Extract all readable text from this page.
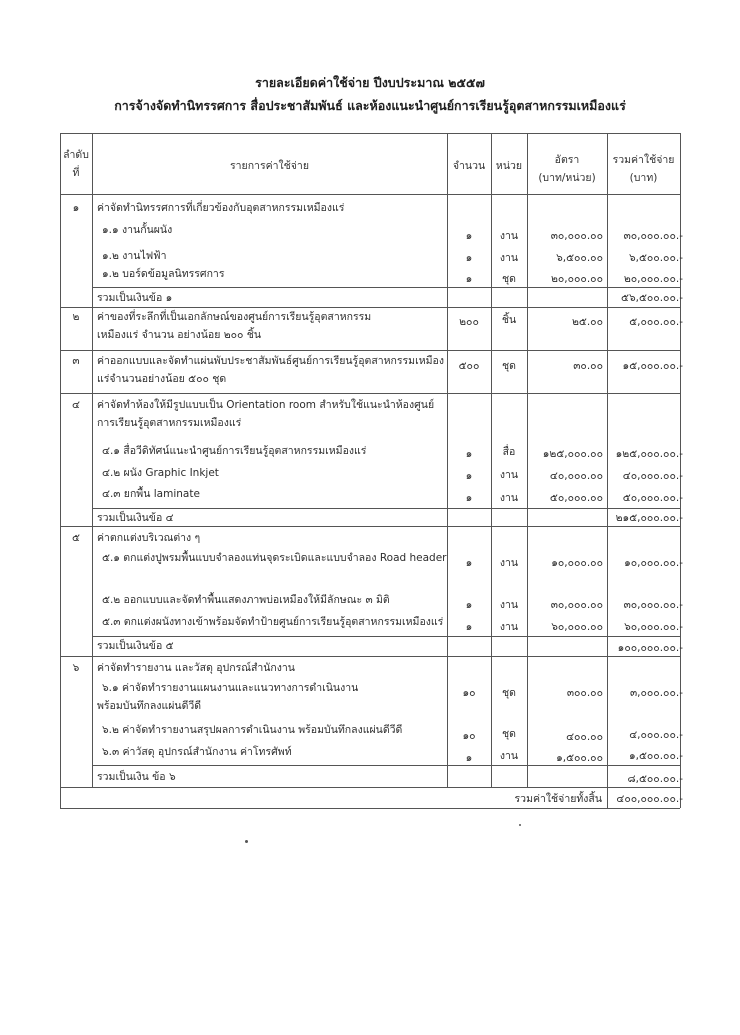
รายละเอียดค่าใช้จ่าย ปีงบประมาณ ๒๕๕๗
การจ้างจัดทำนิทรรศการ สื่อประชาสัมพันธ์ และห้องแนะนำศูนย์การเรียนรู้อุตสาหกรรมเหมืองแร่
ลำดับ
ที่
รายการค่าใช้จ่าย	จำนวน	หน่วย	อัตรา
(บาท/หน่วย)
รวมค่าใช้จ่าย
(บาท)
๑	ค่าจัดทำนิทรรศการที่เกี่ยวข้องกับอุตสาหกรรมเหมืองแร่
๑.๑ งานกั้นผนัง	๑	งาน	๓๐,๐๐๐.๐๐	๓๐,๐๐๐.๐๐.-
๑.๒ งานไฟฟ้า	๑	งาน	๖,๕๐๐.๐๐	๖,๕๐๐.๐๐.-
๑.๒ บอร์ดข้อมูลนิทรรศการ	๑	ชุด	๒๐,๐๐๐.๐๐	๒๐,๐๐๐.๐๐.-
รวมเป็นเงินข้อ ๑	๕๖,๕๐๐.๐๐.-
๒	ค่าของที่ระลึกที่เป็นเอกลักษณ์ของศูนย์การเรียนรู้อุตสาหกรรม
เหมืองแร่ จำนวน อย่างน้อย ๒๐๐ ชิ้น
๒๐๐	ชิ้น	๒๕.๐๐	๕,๐๐๐.๐๐.-
๓	ค่าออกแบบและจัดทำแผ่นพับประชาสัมพันธ์ศูนย์การเรียนรู้อุตสาหกรรมเหมือง
แร่จำนวนอย่างน้อย ๕๐๐ ชุด
๕๐๐	ชุด	๓๐.๐๐	๑๕,๐๐๐.๐๐.-
๔	ค่าจัดทำห้องให้มีรูปแบบเป็น Orientation room สำหรับใช้แนะนำห้องศูนย์
การเรียนรู้อุตสาหกรรมเหมืองแร่
๔.๑ สื่อวีดิทัศน์แนะนำศูนย์การเรียนรู้อุตสาหกรรมเหมืองแร่	๑	สื่อ	๑๒๕,๐๐๐.๐๐	๑๒๕,๐๐๐.๐๐.-
๔.๒ ผนัง Graphic Inkjet	๑	งาน	๔๐,๐๐๐.๐๐	๔๐,๐๐๐.๐๐.-
๔.๓ ยกพื้น laminate	๑	งาน	๕๐,๐๐๐.๐๐	๕๐,๐๐๐.๐๐.-
รวมเป็นเงินข้อ ๔	๒๑๕,๐๐๐.๐๐.-
๕	ค่าตกแต่งบริเวณต่าง ๆ
๕.๑ ตกแต่งปูพรมพื้นแบบจำลองแท่นจุดระเบิดและแบบจำลอง Road header	๑	งาน	๑๐,๐๐๐.๐๐	๑๐,๐๐๐.๐๐.-
๕.๒ ออกแบบและจัดทำพื้นแสดงภาพบ่อเหมืองให้มีลักษณะ ๓ มิติ	๑	งาน	๓๐,๐๐๐.๐๐	๓๐,๐๐๐.๐๐.-
๕.๓ ตกแต่งผนังทางเข้าพร้อมจัดทำป้ายศูนย์การเรียนรู้อุตสาหกรรมเหมืองแร่	๑	งาน	๖๐,๐๐๐.๐๐	๖๐,๐๐๐.๐๐.-
รวมเป็นเงินข้อ ๕	๑๐๐,๐๐๐.๐๐.-
๖	ค่าจัดทำรายงาน และวัสดุ อุปกรณ์สำนักงาน
๖.๑ ค่าจัดทำรายงานแผนงานและแนวทางการดำเนินงาน
พร้อมบันทึกลงแผ่นดีวีดี
๑๐	ชุด	๓๐๐.๐๐	๓,๐๐๐.๐๐.-
๖.๒ ค่าจัดทำรายงานสรุปผลการดำเนินงาน พร้อมบันทึกลงแผ่นดีวีดี	๑๐	ชุด	๔๐๐.๐๐	๔,๐๐๐.๐๐.-
๖.๓ ค่าวัสดุ อุปกรณ์สำนักงาน ค่าโทรศัพท์	๑	งาน	๑,๕๐๐.๐๐	๑,๕๐๐.๐๐.-
รวมเป็นเงิน ข้อ ๖	๘,๕๐๐.๐๐.-
รวมค่าใช้จ่ายทั้งสิ้น	๔๐๐,๐๐๐.๐๐.-
